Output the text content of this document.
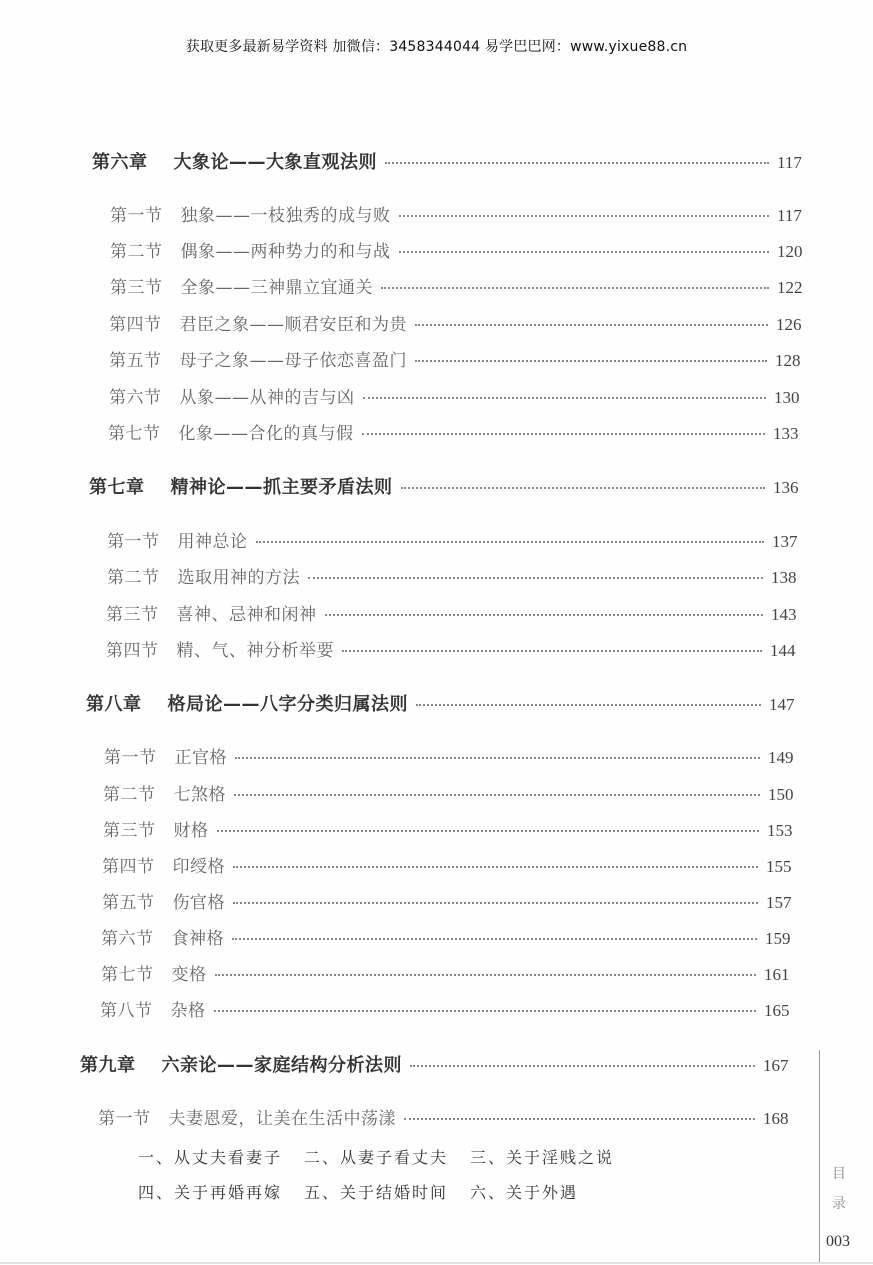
获取更多最新易学资料 加微信：3458344044 易学巴巴网：www.yixue88.cn
第六章 大象论——大象直观法则	117
第一节 独象——一枝独秀的成与败	117
第二节 偶象——两种势力的和与战	120
第三节 全象——三神鼎立宜通关	122
第四节 君臣之象——顺君安臣和为贵	126
第五节 母子之象——母子依恋喜盈门	128
第六节 从象——从神的吉与凶	130
第七节 化象——合化的真与假	133
第七章 精神论——抓主要矛盾法则	136
第一节 用神总论	137
第二节 选取用神的方法	138
第三节 喜神、忌神和闲神	143
第四节 精、气、神分析举要	144
第八章 格局论——八字分类归属法则	147
第一节 正官格	149
第二节 七煞格	150
第三节 财格	153
第四节 印绶格	155
第五节 伤官格	157
第六节 食神格	159
第七节 变格	161
第八节 杂格	165
第九章 六亲论——家庭结构分析法则	167
第一节 夫妻恩爱，让美在生活中荡漾	168
一、从丈夫看妻子 二、从妻子看丈夫 三、关于淫贱之说
四、关于再婚再嫁 五、关于结婚时间 六、关于外遇
目
录
003
